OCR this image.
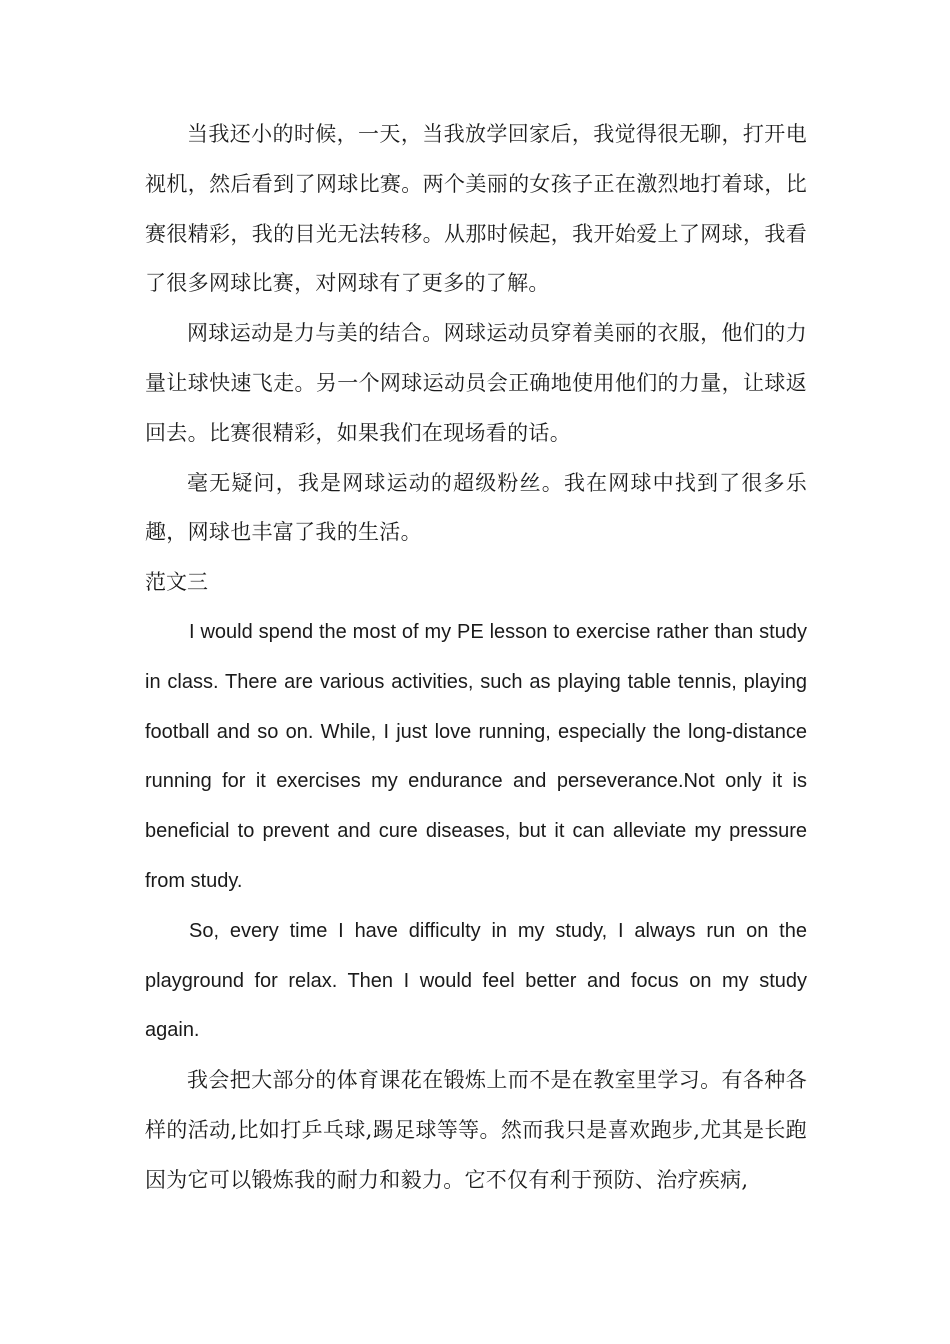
当我还小的时候，一天，当我放学回家后，我觉得很无聊，打开电视机，然后看到了网球比赛。两个美丽的女孩子正在激烈地打着球，比赛很精彩，我的目光无法转移。从那时候起，我开始爱上了网球，我看了很多网球比赛，对网球有了更多的了解。

网球运动是力与美的结合。网球运动员穿着美丽的衣服，他们的力量让球快速飞走。另一个网球运动员会正确地使用他们的力量，让球返回去。比赛很精彩，如果我们在现场看的话。

毫无疑问，我是网球运动的超级粉丝。我在网球中找到了很多乐趣，网球也丰富了我的生活。

范文三

I would spend the most of my PE lesson to exercise rather than study in class. There are various activities, such as playing table tennis, playing football and so on. While, I just love running, especially the long-distance running for it exercises my endurance and perseverance.Not only it is beneficial to prevent and cure diseases, but it can alleviate my pressure from study.

So, every time I have difficulty in my study, I always run on the playground for relax. Then I would feel better and focus on my study again.

我会把大部分的体育课花在锻炼上而不是在教室里学习。有各种各样的活动,比如打乒乓球,踢足球等等。然而我只是喜欢跑步,尤其是长跑因为它可以锻炼我的耐力和毅力。它不仅有利于预防、治疗疾病,
